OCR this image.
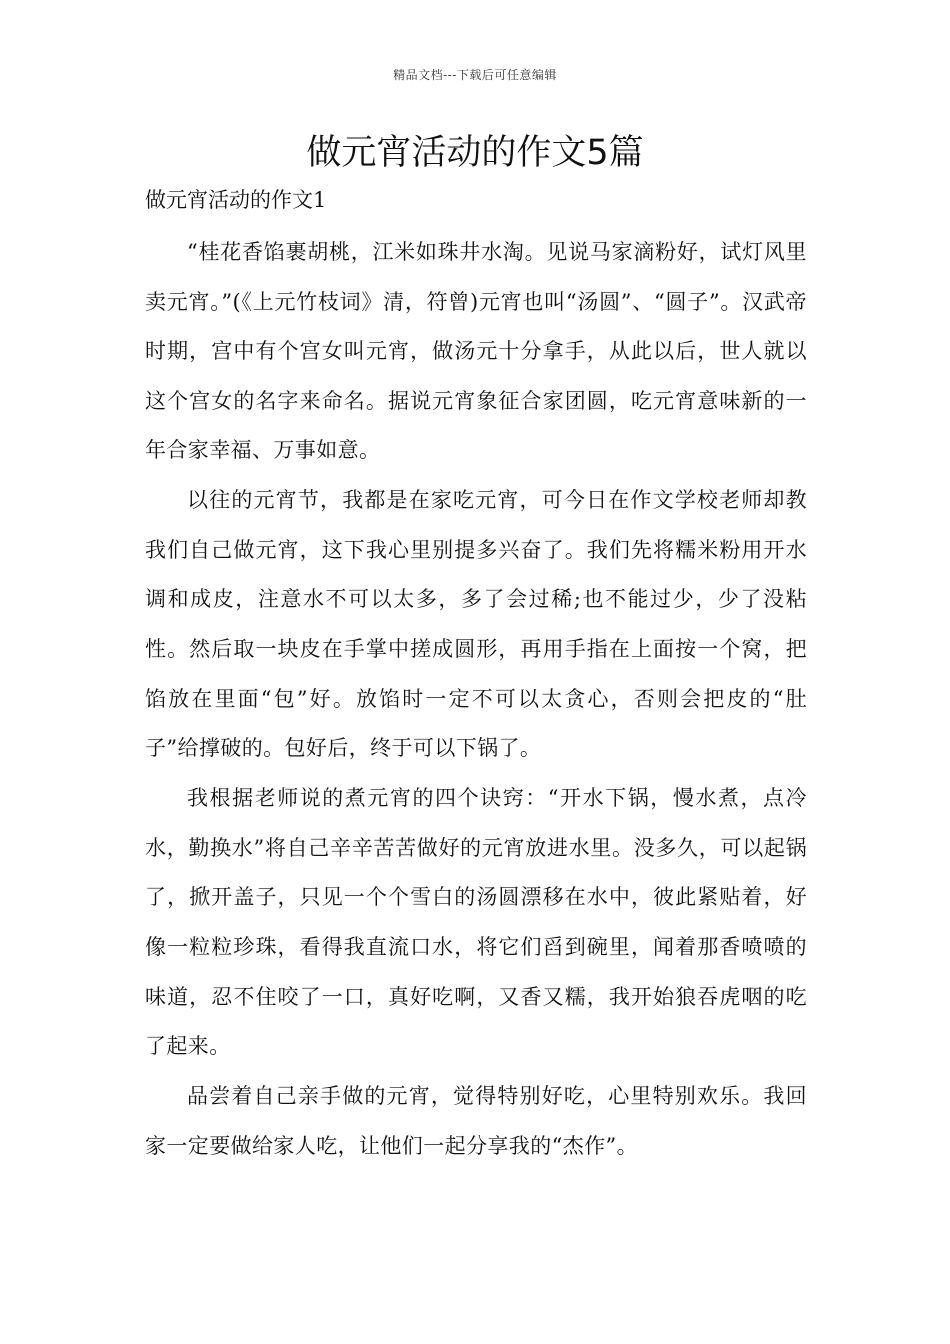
精品文档---下载后可任意编辑
做元宵活动的作文5篇
做元宵活动的作文1

“桂花香馅裹胡桃，江米如珠井水淘。见说马家滴粉好，试灯风里卖元宵。”(《上元竹枝词》清，符曾)元宵也叫“汤圆”、“圆子”。汉武帝时期，宫中有个宫女叫元宵，做汤元十分拿手，从此以后，世人就以这个宫女的名字来命名。据说元宵象征合家团圆，吃元宵意味新的一年合家幸福、万事如意。

以往的元宵节，我都是在家吃元宵，可今日在作文学校老师却教我们自己做元宵，这下我心里别提多兴奋了。我们先将糯米粉用开水调和成皮，注意水不可以太多，多了会过稀;也不能过少，少了没粘性。然后取一块皮在手掌中搓成圆形，再用手指在上面按一个窝，把馅放在里面“包”好。放馅时一定不可以太贪心，否则会把皮的“肚子”给撑破的。包好后，终于可以下锅了。

我根据老师说的煮元宵的四个诀窍：“开水下锅，慢水煮，点冷水，勤换水”将自己辛辛苦苦做好的元宵放进水里。没多久，可以起锅了，掀开盖子，只见一个个雪白的汤圆漂移在水中，彼此紧贴着，好像一粒粒珍珠，看得我直流口水，将它们舀到碗里，闻着那香喷喷的味道，忍不住咬了一口，真好吃啊，又香又糯，我开始狼吞虎咽的吃了起来。

品尝着自己亲手做的元宵，觉得特别好吃，心里特别欢乐。我回家一定要做给家人吃，让他们一起分享我的“杰作”。
